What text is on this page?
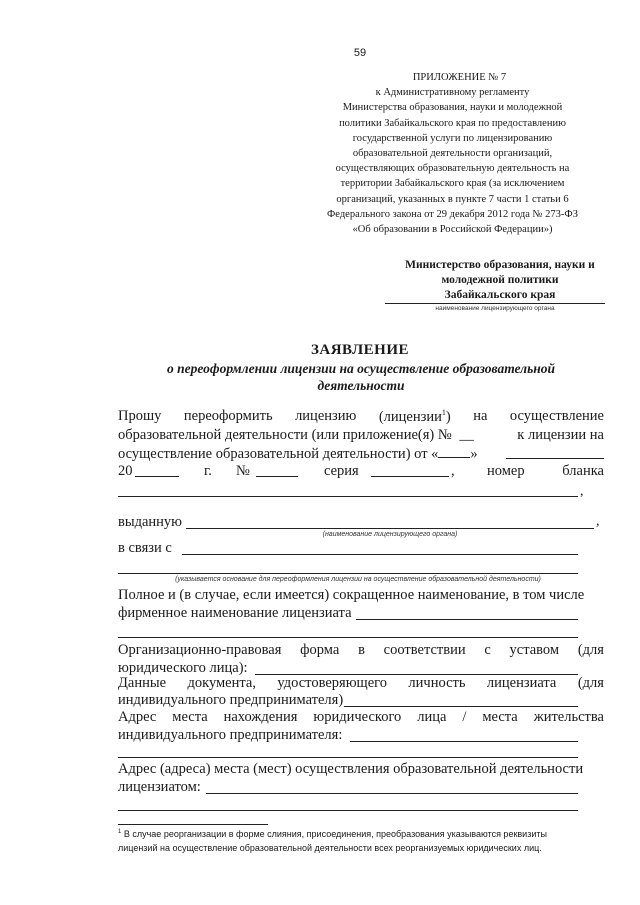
59
ПРИЛОЖЕНИЕ № 7
к Административному регламенту
Министерства образования, науки и молодежной
политики Забайкальского края по предоставлению
государственной услуги по лицензированию
образовательной деятельности организаций,
осуществляющих образовательную деятельность на
территории Забайкальского края (за исключением
организаций, указанных в пункте 7 части 1 статьи 6
Федерального закона от 29 декабря 2012 года № 273-ФЗ
«Об образовании в Российской Федерации»)
Министерство образования, науки и
молодежной политики
Забайкальского края
наименование лицензирующего органа
ЗАЯВЛЕНИЕ
о переоформлении лицензии на осуществление образовательной
деятельности
Прошу переоформить лицензию (лицензии$^1$) на осуществление
образовательной деятельности (или приложение(я) № __	к лицензии на
осуществление образовательной деятельности) от « »
20	г. №	серия	, номер	бланка
,
выданную	,
(наименование лицензирующего органа)
в связи с
(указывается основание для переоформления лицензии на осуществление образовательной деятельности)
Полное и (в случае, если имеется) сокращенное наименование, в том числе
фирменное наименование лицензиата
Организационно-правовая форма в соответствии с уставом (для
юридического лица):
Данные документа, удостоверяющего личность лицензиата (для
индивидуального предпринимателя)
Адрес места нахождения юридического лица / места жительства
индивидуального предпринимателя:
Адрес (адреса) места (мест) осуществления образовательной деятельности
лицензиатом:
$^1$ В случае реорганизации в форме слияния, присоединения, преобразования указываются реквизиты
лицензий на осуществление образовательной деятельности всех реорганизуемых юридических лиц.
